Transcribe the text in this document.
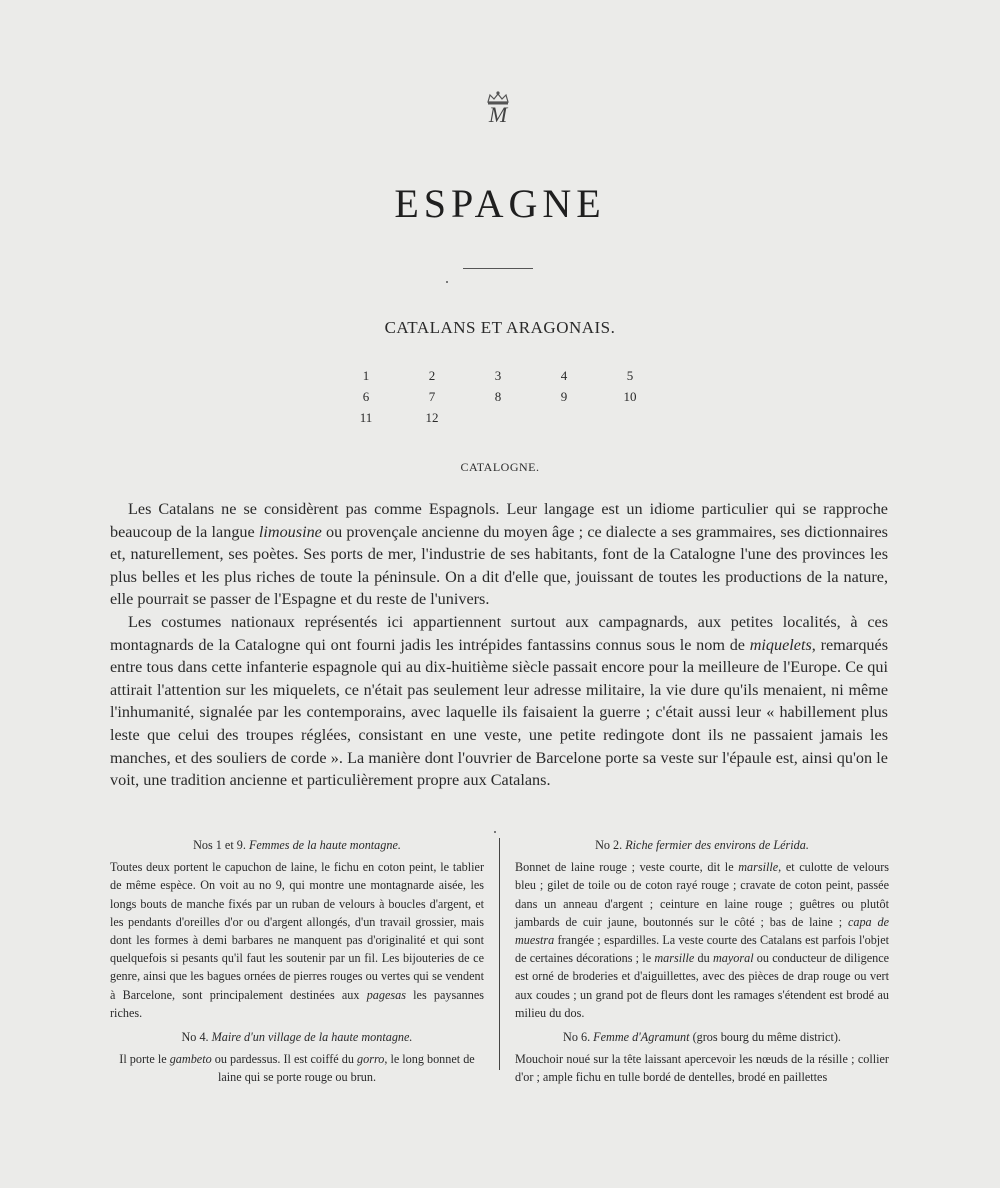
M
ESPAGNE
CATALANS ET ARAGONAIS.
1	2	3	4	5
6	7	8	9	10
11	12
CATALOGNE.

Les Catalans ne se considèrent pas comme Espagnols. Leur langage est un idiome particulier qui se rapproche beaucoup de la langue limousine ou provençale ancienne du moyen âge ; ce dialecte a ses grammaires, ses dictionnaires et, naturellement, ses poètes. Ses ports de mer, l'industrie de ses habitants, font de la Catalogne l'une des provinces les plus belles et les plus riches de toute la péninsule. On a dit d'elle que, jouissant de toutes les productions de la nature, elle pourrait se passer de l'Espagne et du reste de l'univers.

Les costumes nationaux représentés ici appartiennent surtout aux campagnards, aux petites localités, à ces montagnards de la Catalogne qui ont fourni jadis les intrépides fantassins connus sous le nom de miquelets, remarqués entre tous dans cette infanterie espagnole qui au dix-huitième siècle passait encore pour la meilleure de l'Europe. Ce qui attirait l'attention sur les miquelets, ce n'était pas seulement leur adresse militaire, la vie dure qu'ils menaient, ni même l'inhumanité, signalée par les contemporains, avec laquelle ils faisaient la guerre ; c'était aussi leur « habillement plus leste que celui des troupes réglées, consistant en une veste, une petite redingote dont ils ne passaient jamais les manches, et des souliers de corde ». La manière dont l'ouvrier de Barcelone porte sa veste sur l'épaule est, ainsi qu'on le voit, une tradition ancienne et particulièrement propre aux Catalans.

Nos 1 et 9. Femmes de la haute montagne.

Toutes deux portent le capuchon de laine, le fichu en coton peint, le tablier de même espèce. On voit au no 9, qui montre une montagnarde aisée, les longs bouts de manche fixés par un ruban de velours à boucles d'argent, et les pendants d'oreilles d'or ou d'argent allongés, d'un travail grossier, mais dont les formes à demi barbares ne manquent pas d'originalité et qui sont quelquefois si pesants qu'il faut les soutenir par un fil. Les bijouteries de ce genre, ainsi que les bagues ornées de pierres rouges ou vertes qui se vendent à Barcelone, sont principalement destinées aux pagesas les paysannes riches.

No 4. Maire d'un village de la haute montagne.

Il porte le gambeto ou pardessus. Il est coiffé du gorro, le long bonnet de laine qui se porte rouge ou brun.

No 2. Riche fermier des environs de Lérida.

Bonnet de laine rouge ; veste courte, dit le marsille, et culotte de velours bleu ; gilet de toile ou de coton rayé rouge ; cravate de coton peint, passée dans un anneau d'argent ; ceinture en laine rouge ; guêtres ou plutôt jambards de cuir jaune, boutonnés sur le côté ; bas de laine ; capa de muestra frangée ; espardilles. La veste courte des Catalans est parfois l'objet de certaines décorations ; le marsille du mayoral ou conducteur de diligence est orné de broderies et d'aiguillettes, avec des pièces de drap rouge ou vert aux coudes ; un grand pot de fleurs dont les ramages s'étendent est brodé au milieu du dos.

No 6. Femme d'Agramunt (gros bourg du même district).

Mouchoir noué sur la tête laissant apercevoir les nœuds de la résille ; collier d'or ; ample fichu en tulle bordé de dentelles, brodé en paillettes
